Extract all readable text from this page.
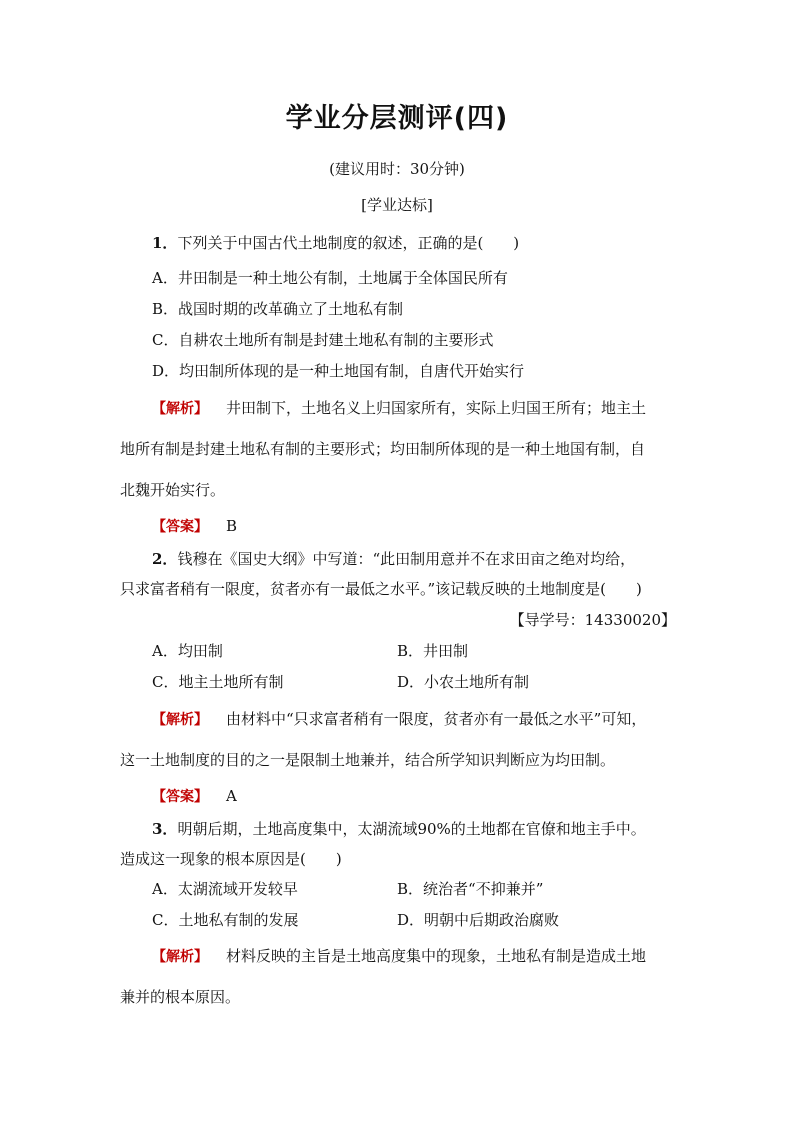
学业分层测评(四)
(建议用时：30分钟)
[学业达标]
1．下列关于中国古代土地制度的叙述，正确的是(　　)
A．井田制是一种土地公有制，土地属于全体国民所有
B．战国时期的改革确立了土地私有制
C．自耕农土地所有制是封建土地私有制的主要形式
D．均田制所体现的是一种土地国有制，自唐代开始实行
【解析】 井田制下，土地名义上归国家所有，实际上归国王所有；地主土
地所有制是封建土地私有制的主要形式；均田制所体现的是一种土地国有制，自
北魏开始实行。
【答案】 B
2．钱穆在《国史大纲》中写道：“此田制用意并不在求田亩之绝对均给，
只求富者稍有一限度，贫者亦有一最低之水平。”该记载反映的土地制度是(　　)
【导学号：14330020】
A．均田制	B．井田制
C．地主土地所有制	D．小农土地所有制
【解析】 由材料中“只求富者稍有一限度，贫者亦有一最低之水平”可知，
这一土地制度的目的之一是限制土地兼并，结合所学知识判断应为均田制。
【答案】 A
3．明朝后期，土地高度集中，太湖流域90%的土地都在官僚和地主手中。
造成这一现象的根本原因是(　　)
A．太湖流域开发较早	B．统治者“不抑兼并”
C．土地私有制的发展	D．明朝中后期政治腐败
【解析】 材料反映的主旨是土地高度集中的现象，土地私有制是造成土地
兼并的根本原因。
